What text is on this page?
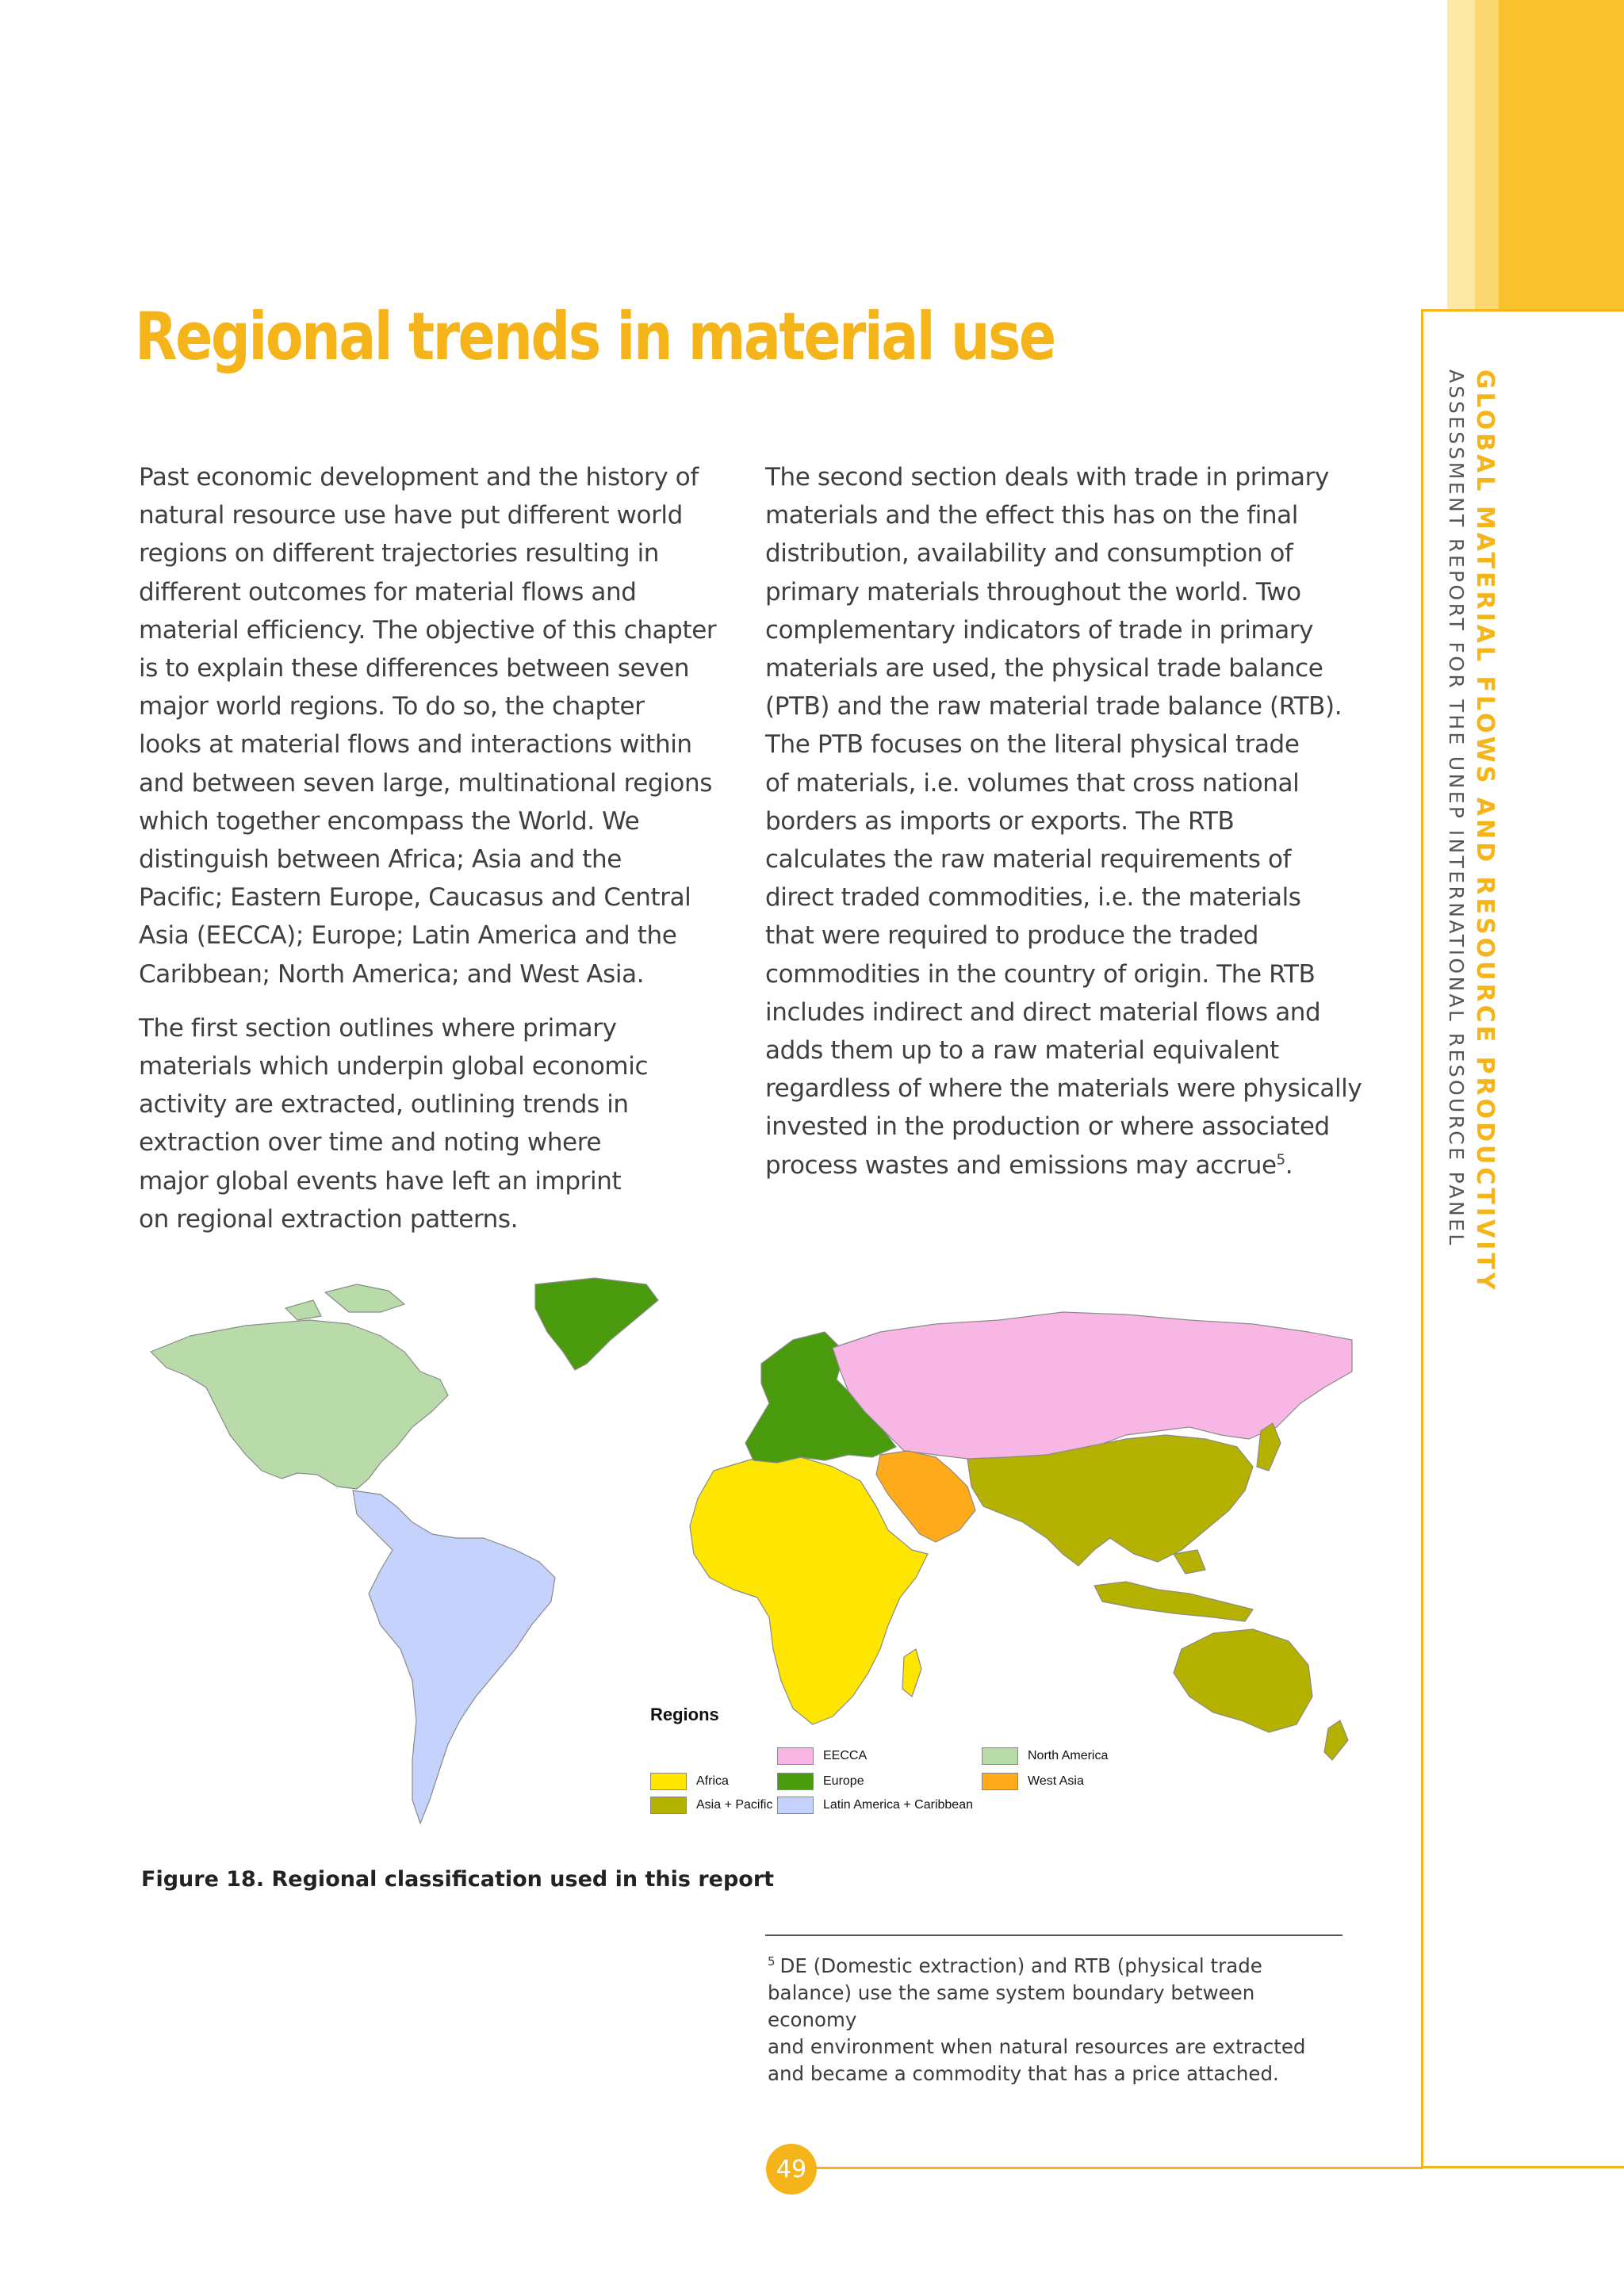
GLOBAL MATERIAL FLOWS AND RESOURCE PRODUCTIVITY
ASSESSMENT REPORT FOR THE UNEP INTERNATIONAL RESOURCE PANEL
Regional trends in material use

Past economic development and the history of
natural resource use have put different world
regions on different trajectories resulting in
different outcomes for material flows and
material efficiency. The objective of this chapter
is to explain these differences between seven
major world regions. To do so, the chapter
looks at material flows and interactions within
and between seven large, multinational regions
which together encompass the World. We
distinguish between Africa; Asia and the
Pacific; Eastern Europe, Caucasus and Central
Asia (EECCA); Europe; Latin America and the
Caribbean; North America; and West Asia.

The first section outlines where primary
materials which underpin global economic
activity are extracted, outlining trends in
extraction over time and noting where
major global events have left an imprint
on regional extraction patterns.

The second section deals with trade in primary
materials and the effect this has on the final
distribution, availability and consumption of
primary materials throughout the world. Two
complementary indicators of trade in primary
materials are used, the physical trade balance
(PTB) and the raw material trade balance (RTB).
The PTB focuses on the literal physical trade
of materials, i.e. volumes that cross national
borders as imports or exports. The RTB
calculates the raw material requirements of
direct traded commodities, i.e. the materials
that were required to produce the traded
commodities in the country of origin. The RTB
includes indirect and direct material flows and
adds them up to a raw material equivalent
regardless of where the materials were physically
invested in the production or where associated
process wastes and emissions may accrue$^5$.

Regions
Africa
Asia + Pacific
EECCA
Europe
Latin America + Caribbean
North America
West Asia
Figure 18. Regional classification used in this report
$^5$ DE (Domestic extraction) and RTB (physical trade
balance) use the same system boundary between economy
and environment when natural resources are extracted
and became a commodity that has a price attached.
49
